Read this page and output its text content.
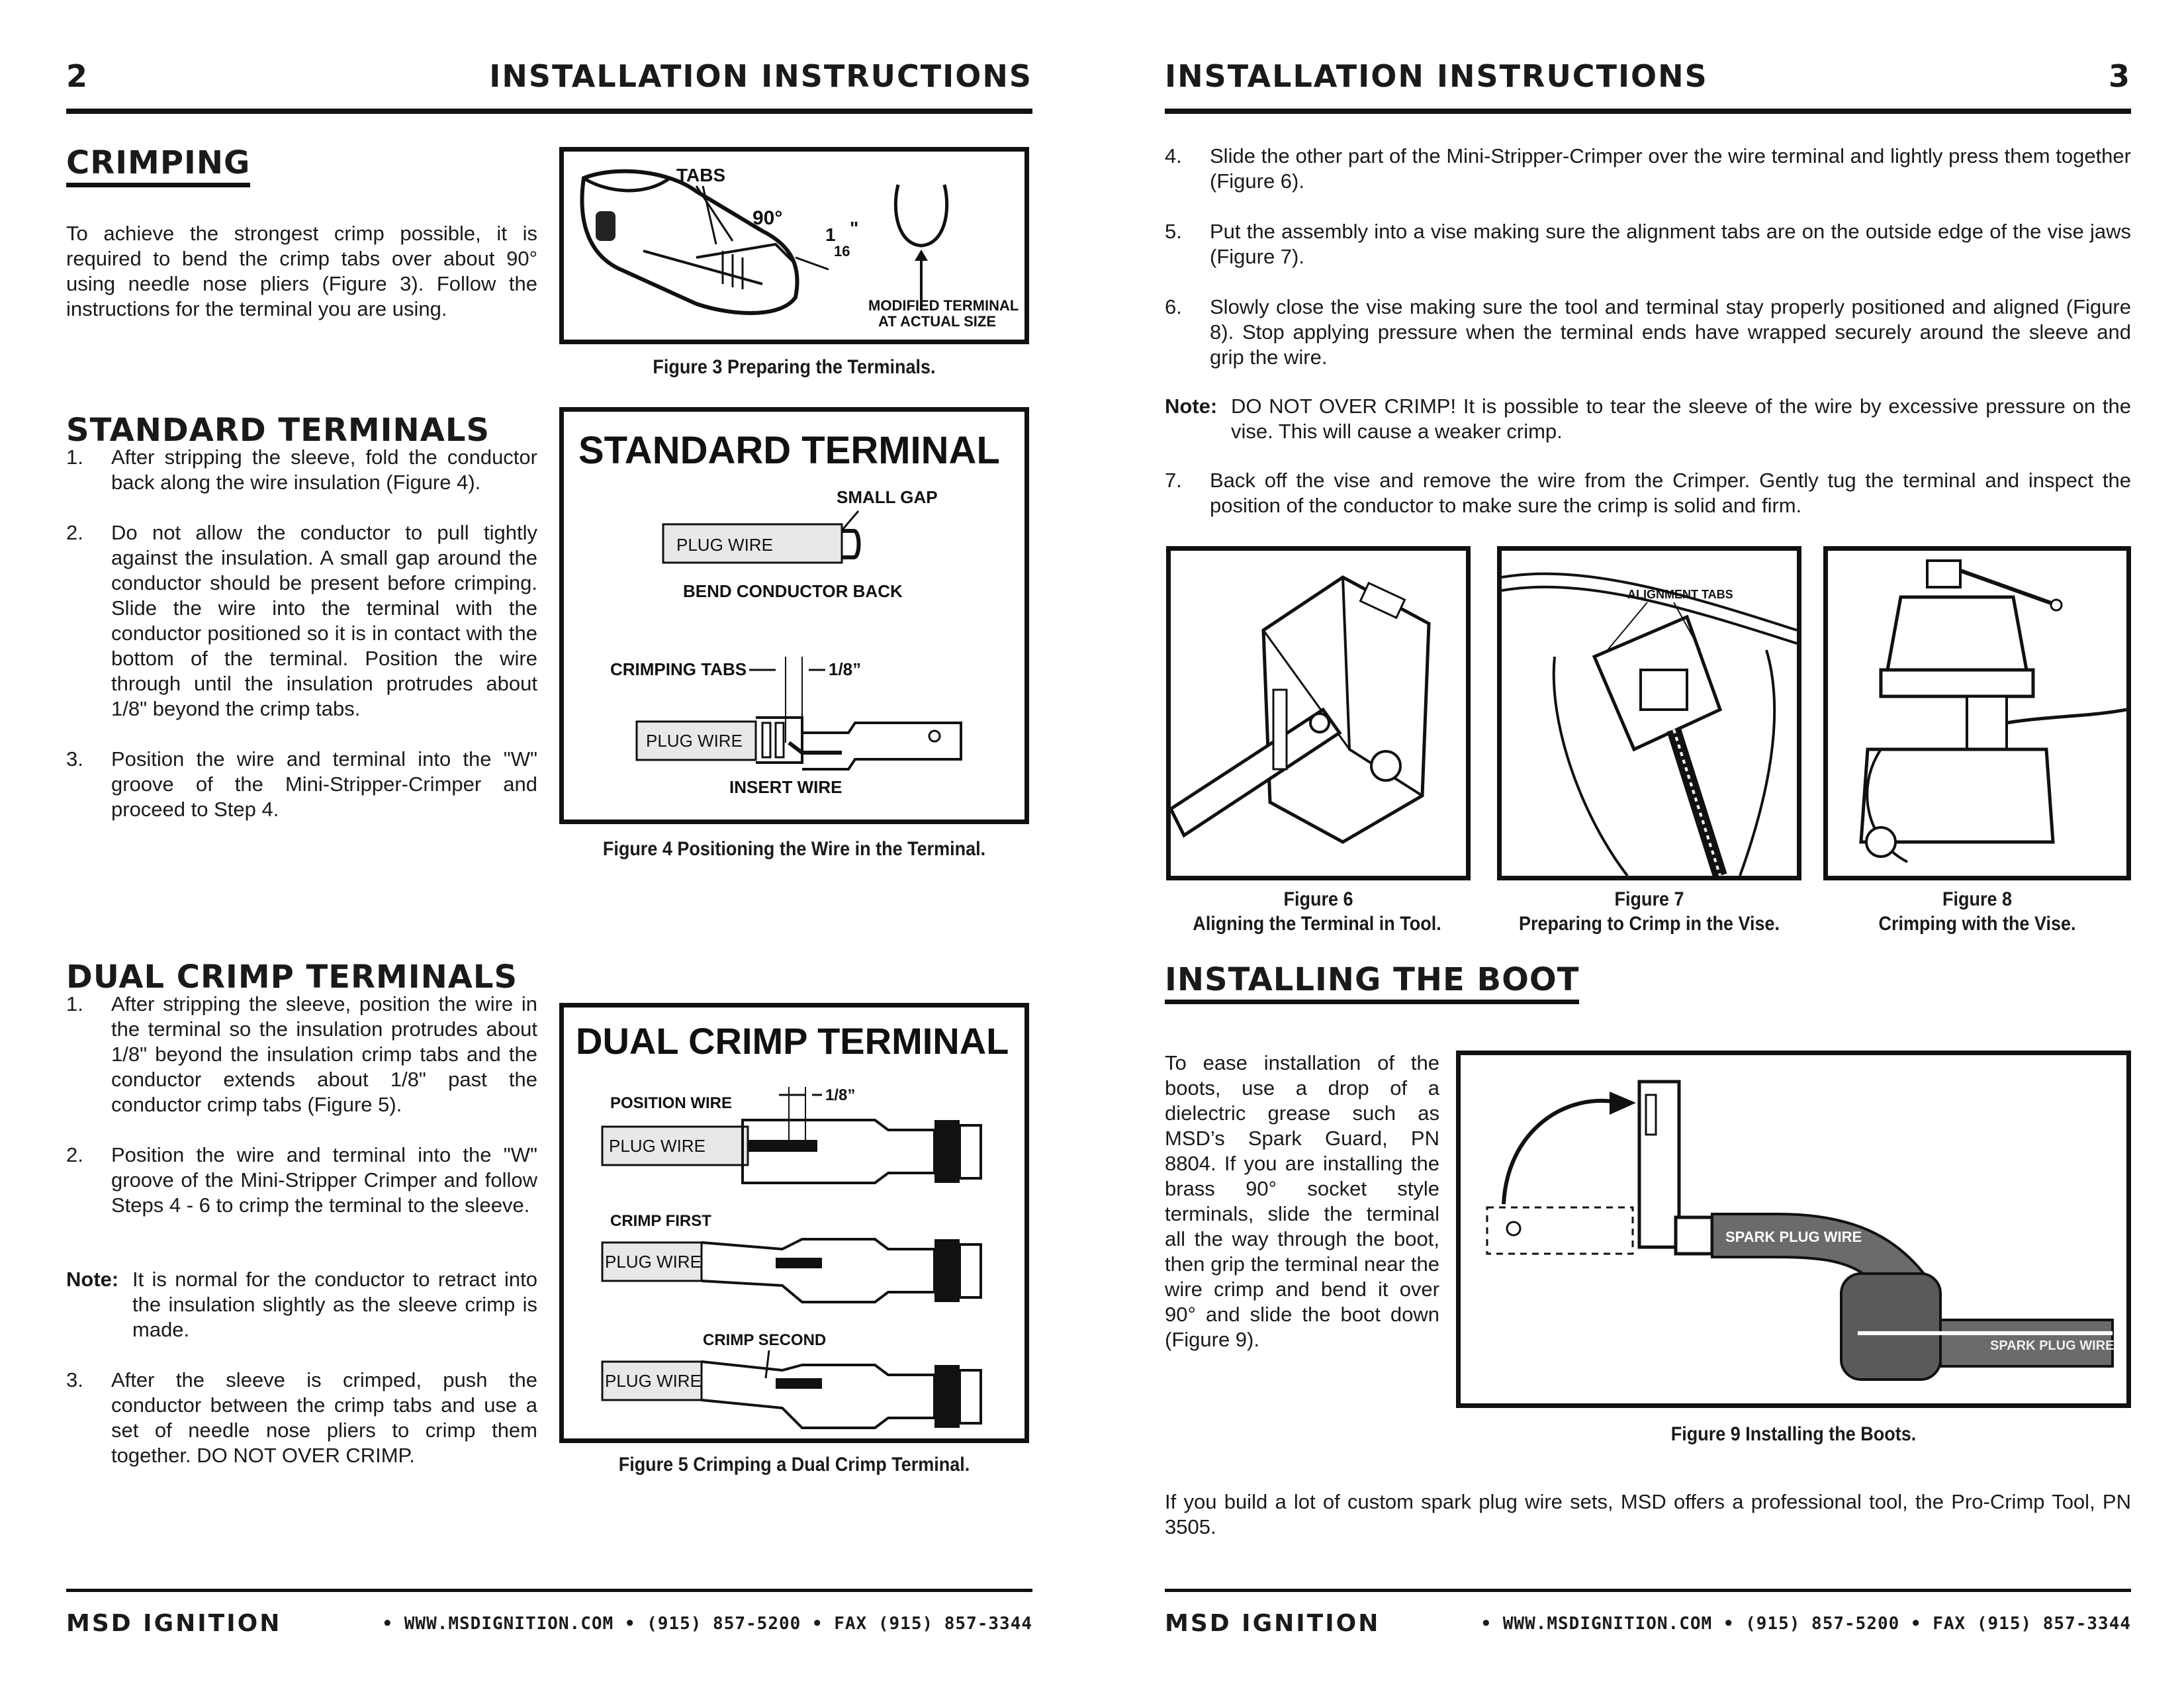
2	INSTALLATION INSTRUCTIONS
CRIMPING
To achieve the strongest crimp possible, it is required to bend the crimp tabs over about 90° using needle nose pliers (Figure 3). Follow the instructions for the terminal you are using.
STANDARD TERMINALS
1. After stripping the sleeve, fold the conductor back along the wire insulation (Figure 4).
2. Do not allow the conductor to pull tightly against the insulation. A small gap around the conductor should be present before crimping. Slide the wire into the terminal with the conductor positioned so it is in contact with the bottom of the terminal. Position the wire through until the insulation protrudes about 1/8" beyond the crimp tabs.
3. Position the wire and terminal into the "W" groove of the Mini-Stripper-Crimper and proceed to Step 4.
DUAL CRIMP TERMINALS
1. After stripping the sleeve, position the wire in the terminal so the insulation protrudes about 1/8" beyond the insulation crimp tabs and the conductor extends about 1/8" past the conductor crimp tabs (Figure 5).
2. Position the wire and terminal into the "W" groove of the Mini-Stripper Crimper and follow Steps 4 - 6 to crimp the terminal to the sleeve.
Note: It is normal for the conductor to retract into the insulation slightly as the sleeve crimp is made.
3. After the sleeve is crimped, push the conductor between the crimp tabs and use a set of needle nose pliers to crimp them together. DO NOT OVER CRIMP.
TABS
90°
1
16
"
MODIFIED TERMINAL
AT ACTUAL SIZE
Figure 3 Preparing the Terminals.
STANDARD TERMINAL
SMALL GAP
PLUG WIRE
BEND CONDUCTOR BACK
CRIMPING TABS	1/8”
PLUG WIRE
INSERT WIRE
Figure 4 Positioning the Wire in the Terminal.
DUAL CRIMP TERMINAL
POSITION WIRE	1/8”
PLUG WIRE
CRIMP FIRST
PLUG WIRE
CRIMP SECOND
PLUG WIRE
Figure 5 Crimping a Dual Crimp Terminal.
MSD IGNITION	• WWW.MSDIGNITION.COM • (915) 857-5200 • FAX (915) 857-3344
INSTALLATION INSTRUCTIONS	3
4. Slide the other part of the Mini-Stripper-Crimper over the wire terminal and lightly press them together (Figure 6).
5. Put the assembly into a vise making sure the alignment tabs are on the outside edge of the vise jaws (Figure 7).
6. Slowly close the vise making sure the tool and terminal stay properly positioned and aligned (Figure 8). Stop applying pressure when the terminal ends have wrapped securely around the sleeve and grip the wire.
Note: DO NOT OVER CRIMP! It is possible to tear the sleeve of the wire by excessive pressure on the vise. This will cause a weaker crimp.
7. Back off the vise and remove the wire from the Crimper. Gently tug the terminal and inspect the position of the conductor to make sure the crimp is solid and firm.
Figure 6
Aligning the Terminal in Tool.
ALIGNMENT TABS
Figure 7
Preparing to Crimp in the Vise.
Figure 8
Crimping with the Vise.
INSTALLING THE BOOT
To ease installation of the boots, use a drop of a dielectric grease such as MSD’s Spark Guard, PN 8804. If you are installing the brass 90° socket style terminals, slide the terminal all the way through the boot, then grip the terminal near the wire crimp and bend it over 90° and slide the boot down (Figure 9).
SPARK PLUG WIRE
SPARK PLUG WIRE
Figure 9 Installing the Boots.
If you build a lot of custom spark plug wire sets, MSD offers a professional tool, the Pro-Crimp Tool, PN 3505.
MSD IGNITION	• WWW.MSDIGNITION.COM • (915) 857-5200 • FAX (915) 857-3344
